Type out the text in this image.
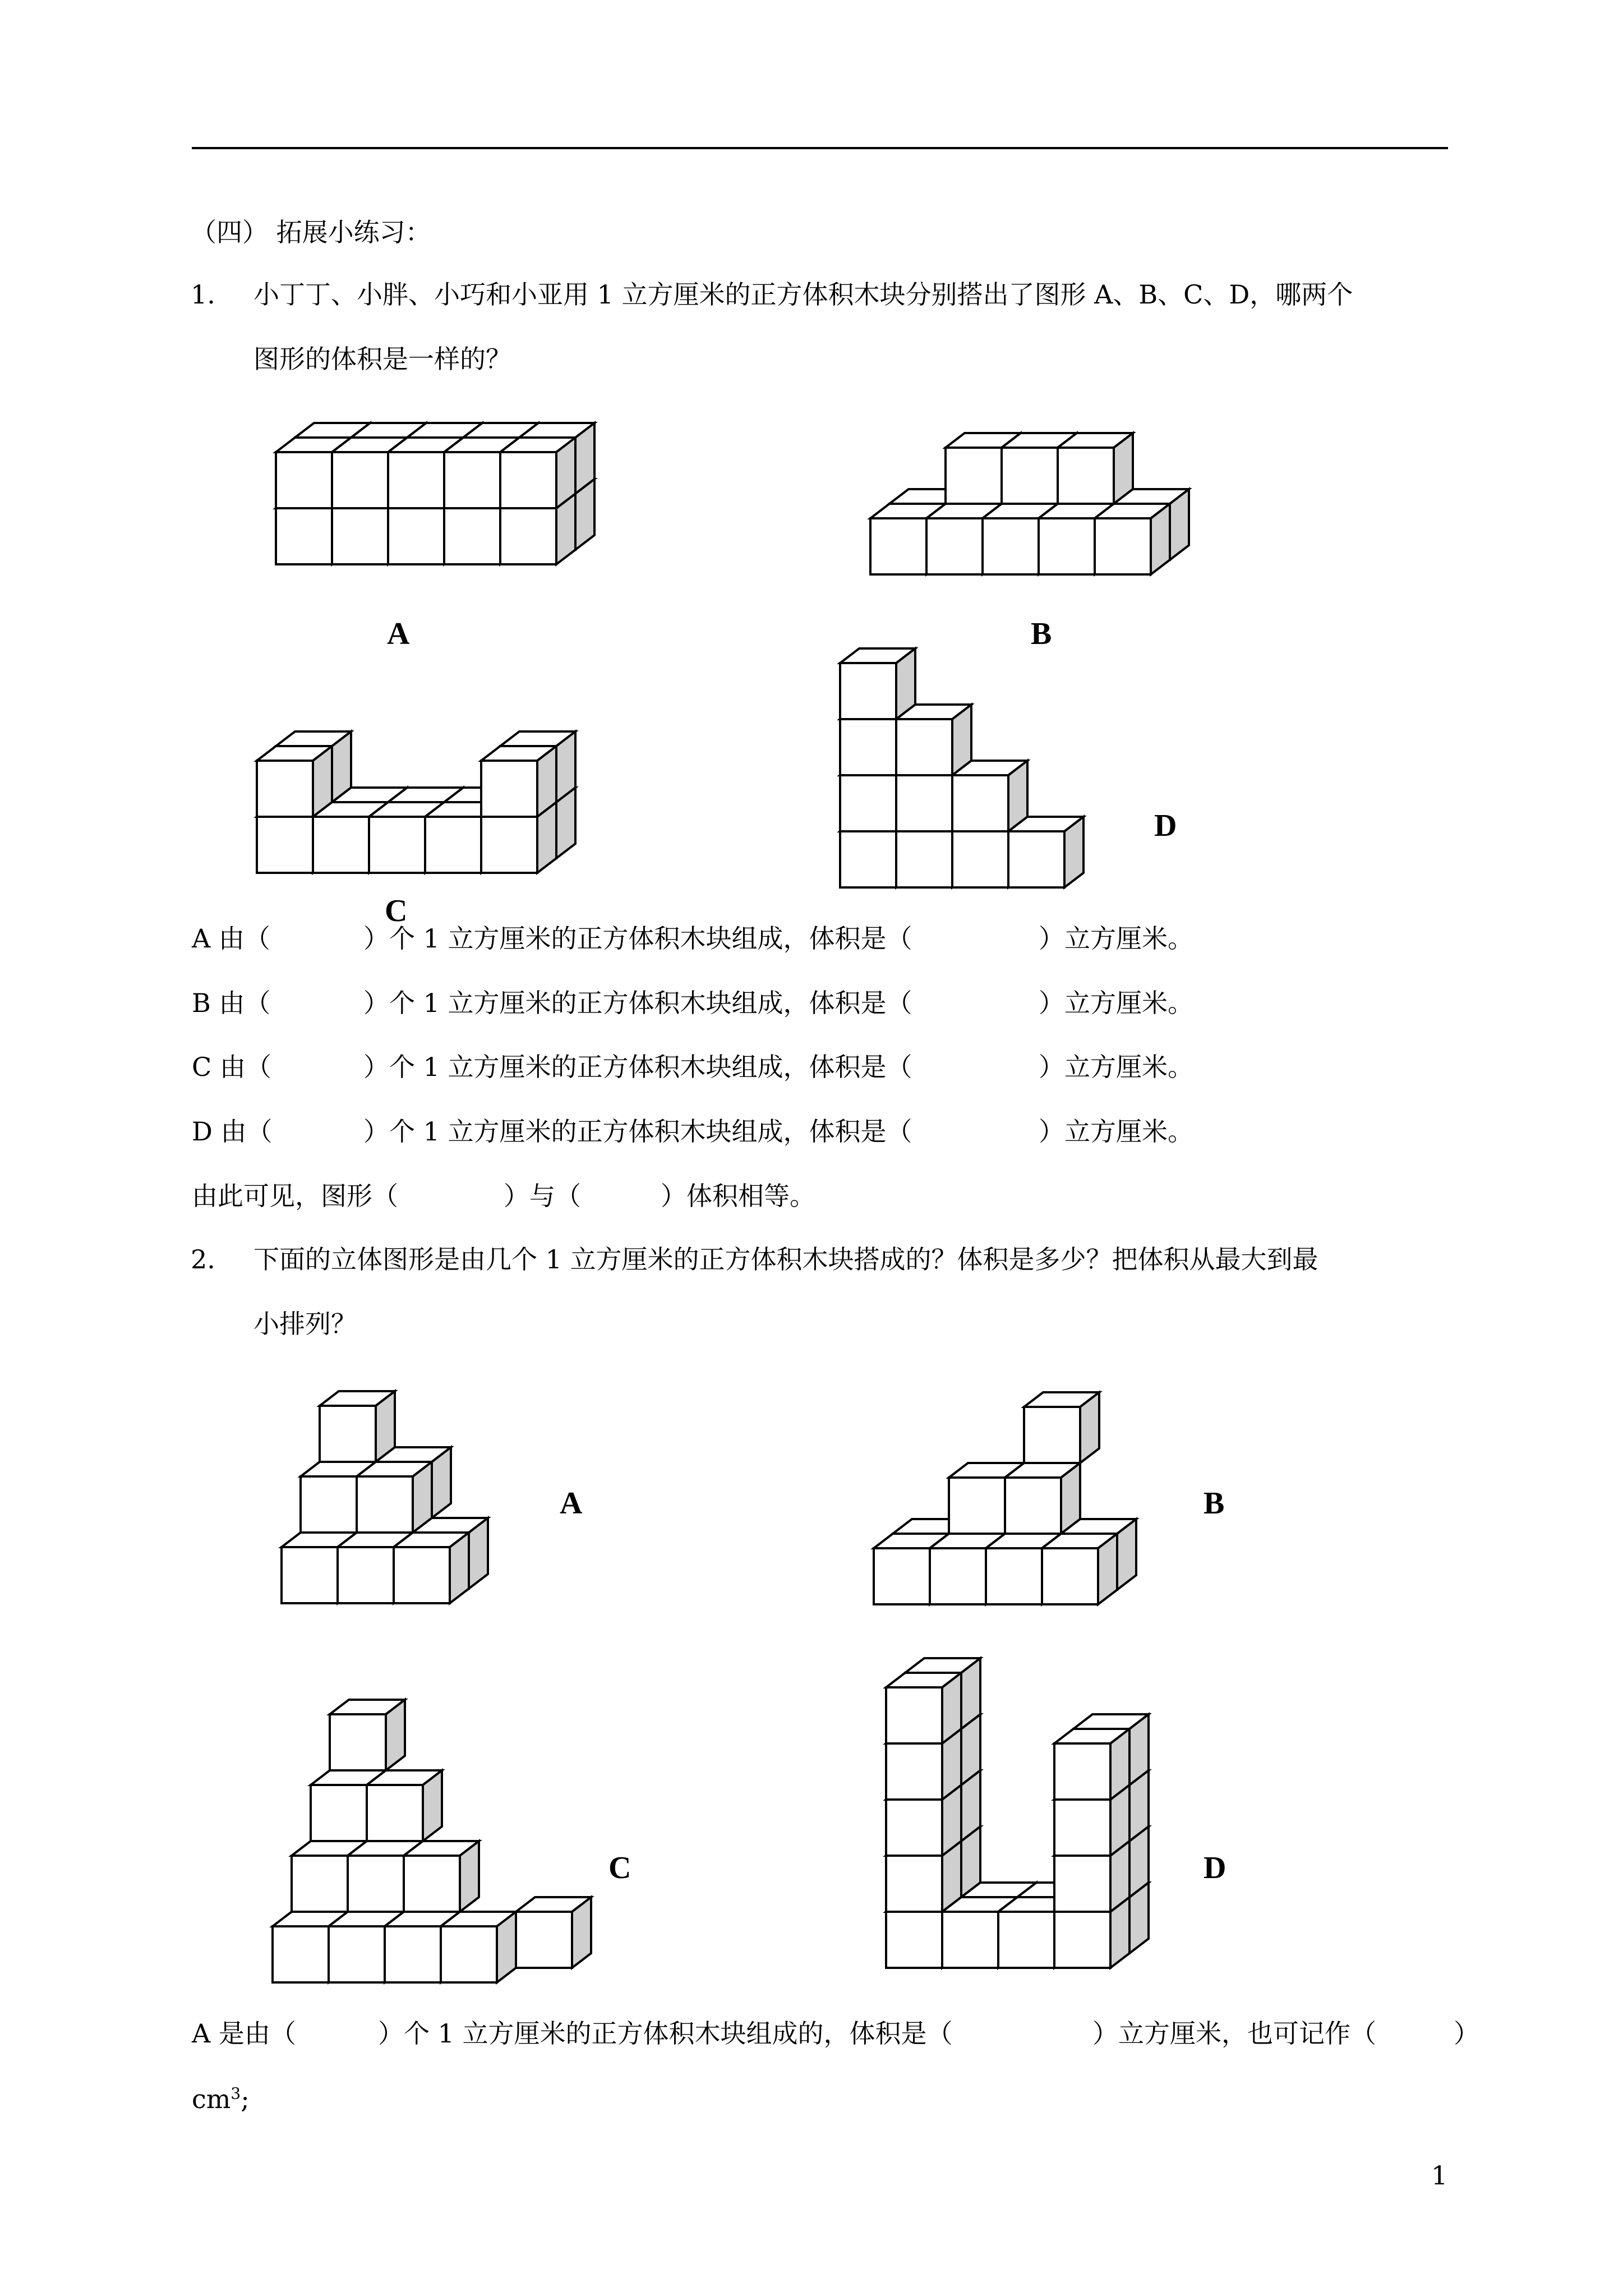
（四） 拓展小练习：
1. 小丁丁、小胖、小巧和小亚用 1 立方厘米的正方体积木块分别搭出了图形 A、B、C、D，哪两个
图形的体积是一样的？
A	B
C
D
A 由（	）个 1 立方厘米的正方体积木块组成，体积是（	）立方厘米。
B 由（	）个 1 立方厘米的正方体积木块组成，体积是（	）立方厘米。
C 由（	）个 1 立方厘米的正方体积木块组成，体积是（	）立方厘米。
D 由（	）个 1 立方厘米的正方体积木块组成，体积是（	）立方厘米。
由此可见，图形（	）与（	）体积相等。
2. 下面的立体图形是由几个 1 立方厘米的正方体积木块搭成的？体积是多少？把体积从最大到最
小排列？
A	B
C	D
A 是由（	）个 1 立方厘米的正方体积木块组成的，体积是（	）立方厘米，也可记作（	）
$cm^3$;
1
